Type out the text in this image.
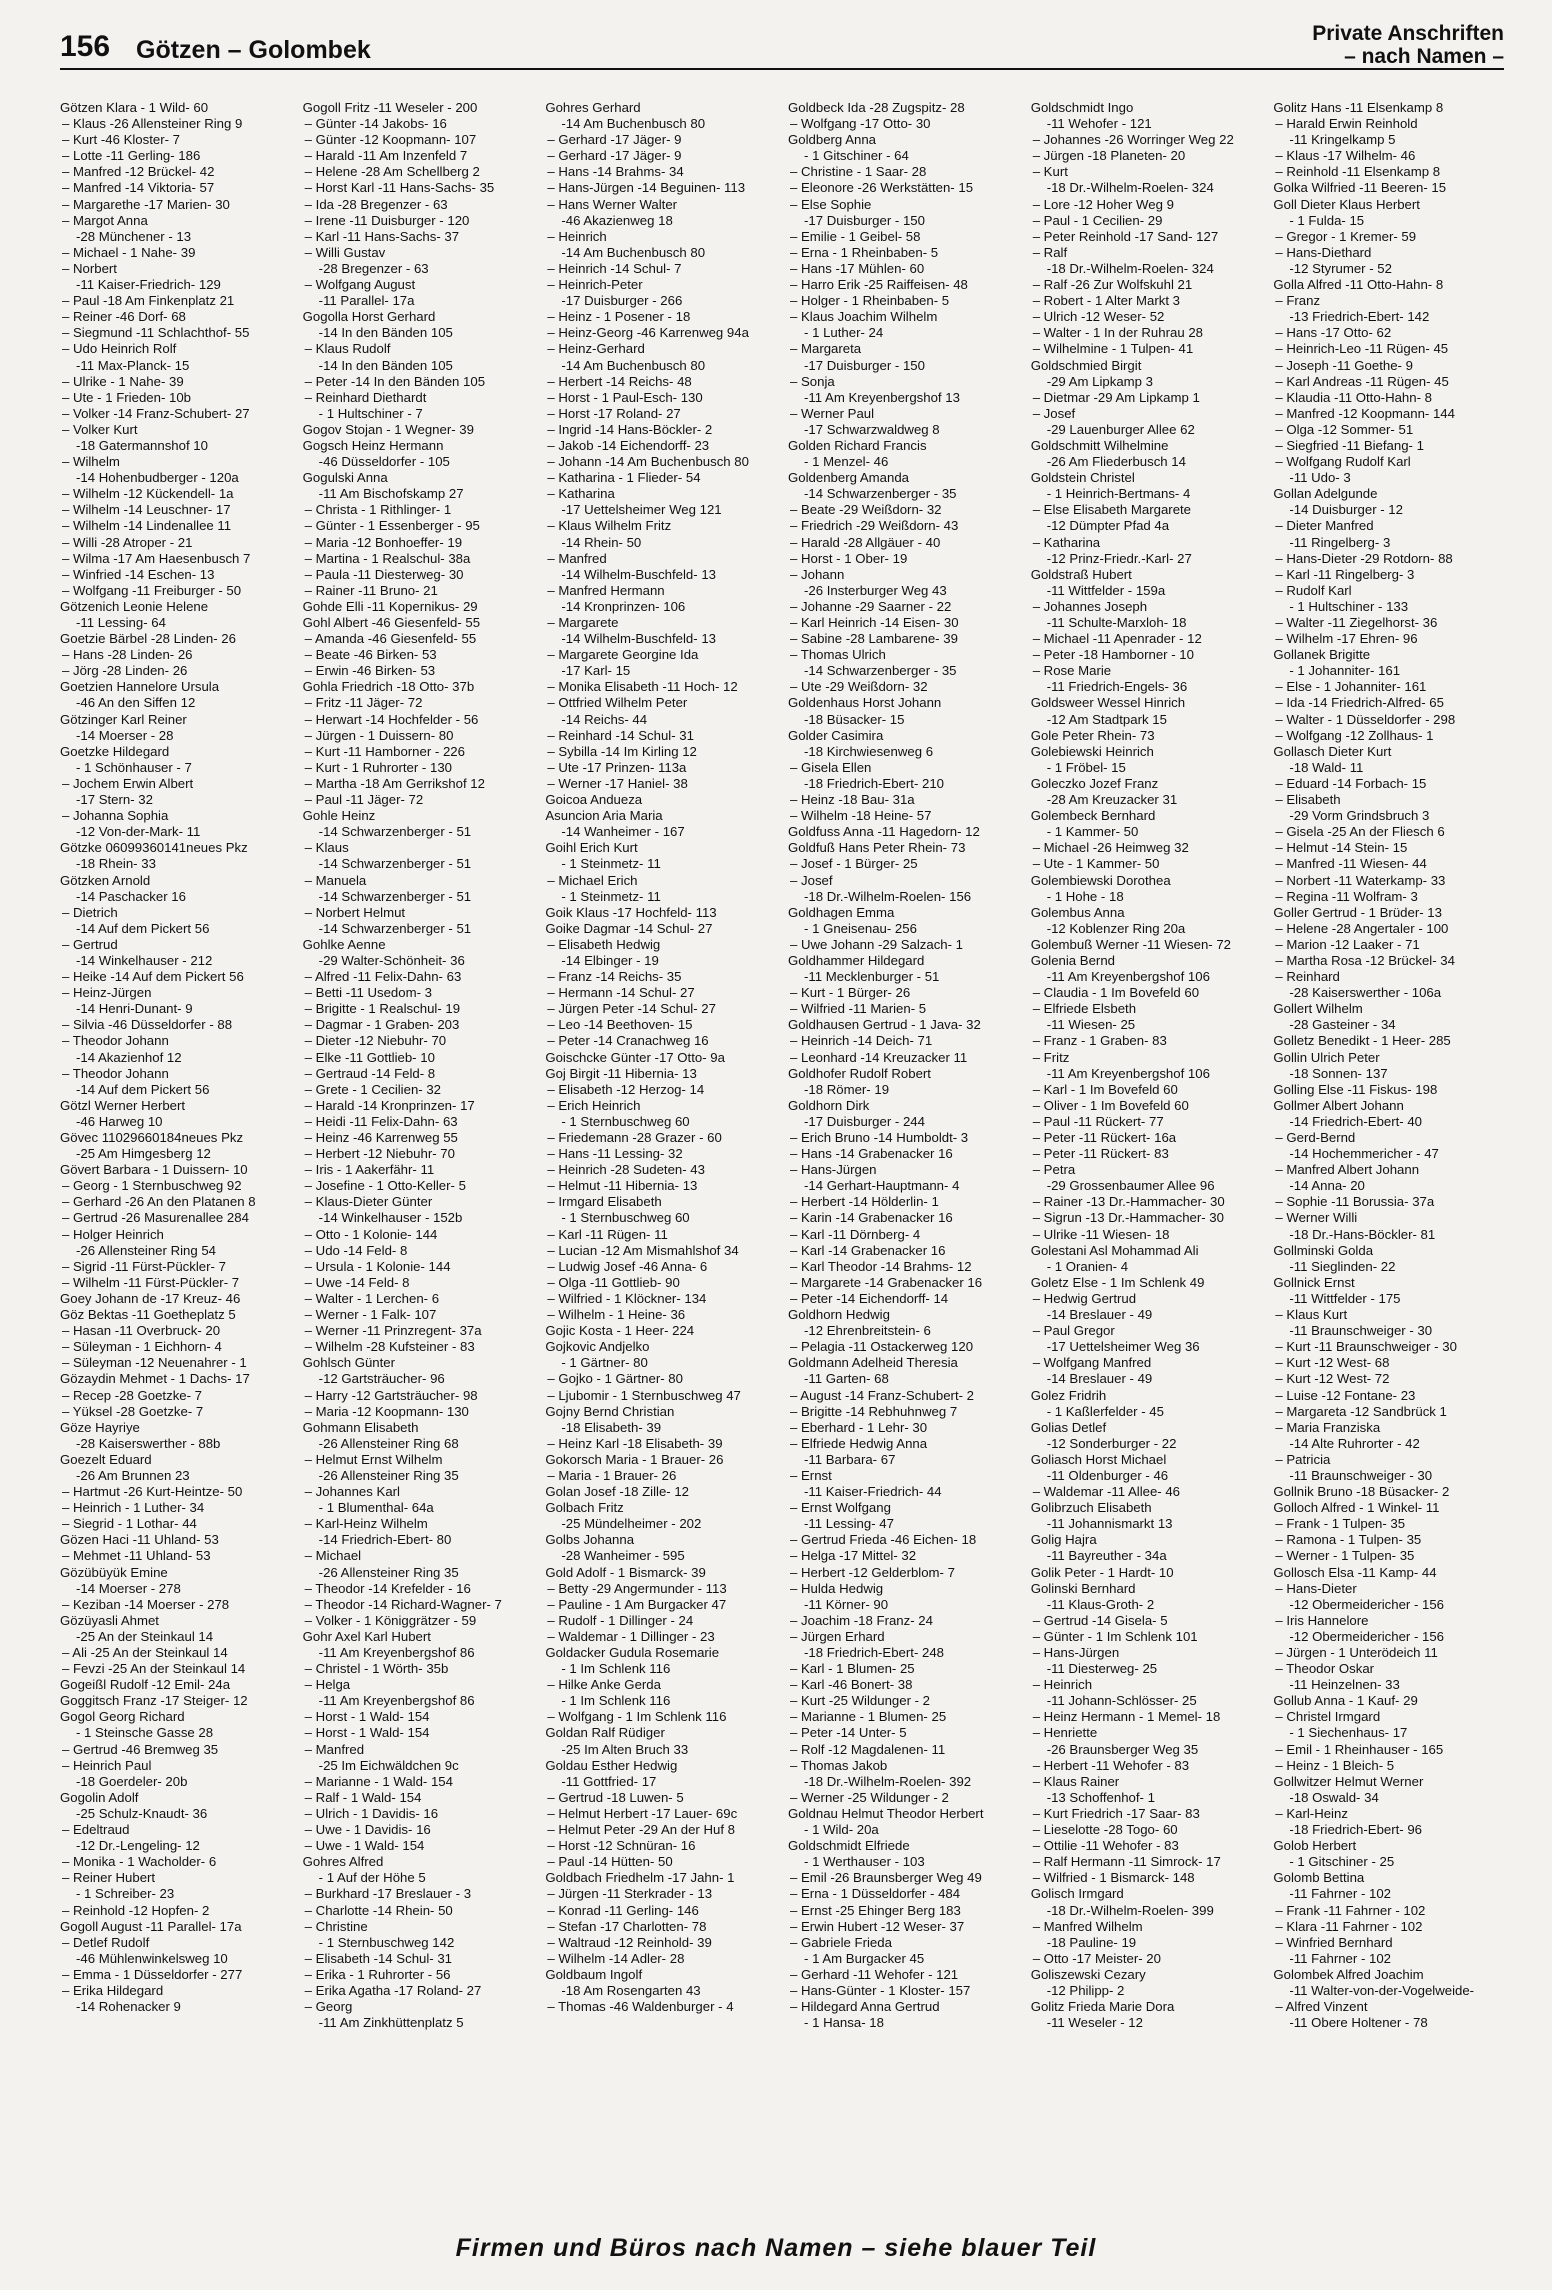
156 Götzen – Golombek
Private Anschriften
– nach Namen –
Götzen Klara - 1 Wild- 60
– Klaus -26 Allensteiner Ring 9
– Kurt -46 Kloster- 7
– Lotte -11 Gerling- 186
– Manfred -12 Brückel- 42
– Manfred -14 Viktoria- 57
– Margarethe -17 Marien- 30
– Margot Anna
-28 Münchener - 13
– Michael - 1 Nahe- 39
– Norbert
-11 Kaiser-Friedrich- 129
– Paul -18 Am Finkenplatz 21
– Reiner -46 Dorf- 68
– Siegmund -11 Schlachthof- 55
– Udo Heinrich Rolf
-11 Max-Planck- 15
– Ulrike - 1 Nahe- 39
– Ute - 1 Frieden- 10b
– Volker -14 Franz-Schubert- 27
– Volker Kurt
-18 Gatermannshof 10
– Wilhelm
-14 Hohenbudberger - 120a
– Wilhelm -12 Kückendell- 1a
– Wilhelm -14 Leuschner- 17
– Wilhelm -14 Lindenallee 11
– Willi -28 Atroper - 21
– Wilma -17 Am Haesenbusch 7
– Winfried -14 Eschen- 13
– Wolfgang -11 Freiburger - 50
Götzenich Leonie Helene
-11 Lessing- 64
Goetzie Bärbel -28 Linden- 26
– Hans -28 Linden- 26
– Jörg -28 Linden- 26
Goetzien Hannelore Ursula
-46 An den Siffen 12
Götzinger Karl Reiner
-14 Moerser - 28
Goetzke Hildegard
- 1 Schönhauser - 7
– Jochem Erwin Albert
-17 Stern- 32
– Johanna Sophia
-12 Von-der-Mark- 11
Götzke 06099360141neues Pkz
-18 Rhein- 33
Götzken Arnold
-14 Paschacker 16
– Dietrich
-14 Auf dem Pickert 56
– Gertrud
-14 Winkelhauser - 212
– Heike -14 Auf dem Pickert 56
– Heinz-Jürgen
-14 Henri-Dunant- 9
– Silvia -46 Düsseldorfer - 88
– Theodor Johann
-14 Akazienhof 12
– Theodor Johann
-14 Auf dem Pickert 56
Götzl Werner Herbert
-46 Harweg 10
Gövec 11029660184neues Pkz
-25 Am Himgesberg 12
Gövert Barbara - 1 Duissern- 10
– Georg - 1 Sternbuschweg 92
– Gerhard -26 An den Platanen 8
– Gertrud -26 Masurenallee 284
– Holger Heinrich
-26 Allensteiner Ring 54
– Sigrid -11 Fürst-Pückler- 7
– Wilhelm -11 Fürst-Pückler- 7
Goey Johann de -17 Kreuz- 46
Göz Bektas -11 Goetheplatz 5
– Hasan -11 Overbruck- 20
– Süleyman - 1 Eichhorn- 4
– Süleyman -12 Neuenahrer - 1
Gözaydin Mehmet - 1 Dachs- 17
– Recep -28 Goetzke- 7
– Yüksel -28 Goetzke- 7
Göze Hayriye
-28 Kaiserswerther - 88b
Goezelt Eduard
-26 Am Brunnen 23
– Hartmut -26 Kurt-Heintze- 50
– Heinrich - 1 Luther- 34
– Siegrid - 1 Lothar- 44
Gözen Haci -11 Uhland- 53
– Mehmet -11 Uhland- 53
Gözübüyük Emine
-14 Moerser - 278
– Keziban -14 Moerser - 278
Gözüyasli Ahmet
-25 An der Steinkaul 14
– Ali -25 An der Steinkaul 14
– Fevzi -25 An der Steinkaul 14
Gogeißl Rudolf -12 Emil- 24a
Goggitsch Franz -17 Steiger- 12
Gogol Georg Richard
- 1 Steinsche Gasse 28
– Gertrud -46 Bremweg 35
– Heinrich Paul
-18 Goerdeler- 20b
Gogolin Adolf
-25 Schulz-Knaudt- 36
– Edeltraud
-12 Dr.-Lengeling- 12
– Monika - 1 Wacholder- 6
– Reiner Hubert
- 1 Schreiber- 23
– Reinhold -12 Hopfen- 2
Gogoll August -11 Parallel- 17a
– Detlef Rudolf
-46 Mühlenwinkelsweg 10
– Emma - 1 Düsseldorfer - 277
– Erika Hildegard
-14 Rohenacker 9
Gogoll Fritz -11 Weseler - 200
– Günter -14 Jakobs- 16
– Günter -12 Koopmann- 107
– Harald -11 Am Inzenfeld 7
– Helene -28 Am Schellberg 2
– Horst Karl -11 Hans-Sachs- 35
– Ida -28 Bregenzer - 63
– Irene -11 Duisburger - 120
– Karl -11 Hans-Sachs- 37
– Willi Gustav
-28 Bregenzer - 63
– Wolfgang August
-11 Parallel- 17a
Gogolla Horst Gerhard
-14 In den Bänden 105
– Klaus Rudolf
-14 In den Bänden 105
– Peter -14 In den Bänden 105
– Reinhard Diethardt
- 1 Hultschiner - 7
Gogov Stojan - 1 Wegner- 39
Gogsch Heinz Hermann
-46 Düsseldorfer - 105
Gogulski Anna
-11 Am Bischofskamp 27
– Christa - 1 Rithlinger- 1
– Günter - 1 Essenberger - 95
– Maria -12 Bonhoeffer- 19
– Martina - 1 Realschul- 38a
– Paula -11 Diesterweg- 30
– Rainer -11 Bruno- 21
Gohde Elli -11 Kopernikus- 29
Gohl Albert -46 Giesenfeld- 55
– Amanda -46 Giesenfeld- 55
– Beate -46 Birken- 53
– Erwin -46 Birken- 53
Gohla Friedrich -18 Otto- 37b
– Fritz -11 Jäger- 72
– Herwart -14 Hochfelder - 56
– Jürgen - 1 Duissern- 80
– Kurt -11 Hamborner - 226
– Kurt - 1 Ruhrorter - 130
– Martha -18 Am Gerrikshof 12
– Paul -11 Jäger- 72
Gohle Heinz
-14 Schwarzenberger - 51
– Klaus
-14 Schwarzenberger - 51
– Manuela
-14 Schwarzenberger - 51
– Norbert Helmut
-14 Schwarzenberger - 51
Gohlke Aenne
-29 Walter-Schönheit- 36
– Alfred -11 Felix-Dahn- 63
– Betti -11 Usedom- 3
– Brigitte - 1 Realschul- 19
– Dagmar - 1 Graben- 203
– Dieter -12 Niebuhr- 70
– Elke -11 Gottlieb- 10
– Gertraud -14 Feld- 8
– Grete - 1 Cecilien- 32
– Harald -14 Kronprinzen- 17
– Heidi -11 Felix-Dahn- 63
– Heinz -46 Karrenweg 55
– Herbert -12 Niebuhr- 70
– Iris - 1 Aakerfähr- 11
– Josefine - 1 Otto-Keller- 5
– Klaus-Dieter Günter
-14 Winkelhauser - 152b
– Otto - 1 Kolonie- 144
– Udo -14 Feld- 8
– Ursula - 1 Kolonie- 144
– Uwe -14 Feld- 8
– Walter - 1 Lerchen- 6
– Werner - 1 Falk- 107
– Werner -11 Prinzregent- 37a
– Wilhelm -28 Kufsteiner - 83
Gohlsch Günter
-12 Gartsträucher- 96
– Harry -12 Gartsträucher- 98
– Maria -12 Koopmann- 130
Gohmann Elisabeth
-26 Allensteiner Ring 68
– Helmut Ernst Wilhelm
-26 Allensteiner Ring 35
– Johannes Karl
- 1 Blumenthal- 64a
– Karl-Heinz Wilhelm
-14 Friedrich-Ebert- 80
– Michael
-26 Allensteiner Ring 35
– Theodor -14 Krefelder - 16
– Theodor -14 Richard-Wagner- 7
– Volker - 1 Königgrätzer - 59
Gohr Axel Karl Hubert
-11 Am Kreyenbergshof 86
– Christel - 1 Wörth- 35b
– Helga
-11 Am Kreyenbergshof 86
– Horst - 1 Wald- 154
– Horst - 1 Wald- 154
– Manfred
-25 Im Eichwäldchen 9c
– Marianne - 1 Wald- 154
– Ralf - 1 Wald- 154
– Ulrich - 1 Davidis- 16
– Uwe - 1 Davidis- 16
– Uwe - 1 Wald- 154
Gohres Alfred
- 1 Auf der Höhe 5
– Burkhard -17 Breslauer - 3
– Charlotte -14 Rhein- 50
– Christine
- 1 Sternbuschweg 142
– Elisabeth -14 Schul- 31
– Erika - 1 Ruhrorter - 56
– Erika Agatha -17 Roland- 27
– Georg
-11 Am Zinkhüttenplatz 5
Gohres Gerhard
-14 Am Buchenbusch 80
– Gerhard -17 Jäger- 9
– Gerhard -17 Jäger- 9
– Hans -14 Brahms- 34
– Hans-Jürgen -14 Beguinen- 113
– Hans Werner Walter
-46 Akazienweg 18
– Heinrich
-14 Am Buchenbusch 80
– Heinrich -14 Schul- 7
– Heinrich-Peter
-17 Duisburger - 266
– Heinz - 1 Posener - 18
– Heinz-Georg -46 Karrenweg 94a
– Heinz-Gerhard
-14 Am Buchenbusch 80
– Herbert -14 Reichs- 48
– Horst - 1 Paul-Esch- 130
– Horst -17 Roland- 27
– Ingrid -14 Hans-Böckler- 2
– Jakob -14 Eichendorff- 23
– Johann -14 Am Buchenbusch 80
– Katharina - 1 Flieder- 54
– Katharina
-17 Uettelsheimer Weg 121
– Klaus Wilhelm Fritz
-14 Rhein- 50
– Manfred
-14 Wilhelm-Buschfeld- 13
– Manfred Hermann
-14 Kronprinzen- 106
– Margarete
-14 Wilhelm-Buschfeld- 13
– Margarete Georgine Ida
-17 Karl- 15
– Monika Elisabeth -11 Hoch- 12
– Ottfried Wilhelm Peter
-14 Reichs- 44
– Reinhard -14 Schul- 31
– Sybilla -14 Im Kirling 12
– Ute -17 Prinzen- 113a
– Werner -17 Haniel- 38
Goicoa Andueza
Asuncion Aria Maria
-14 Wanheimer - 167
Goihl Erich Kurt
- 1 Steinmetz- 11
– Michael Erich
- 1 Steinmetz- 11
Goik Klaus -17 Hochfeld- 113
Goike Dagmar -14 Schul- 27
– Elisabeth Hedwig
-14 Elbinger - 19
– Franz -14 Reichs- 35
– Hermann -14 Schul- 27
– Jürgen Peter -14 Schul- 27
– Leo -14 Beethoven- 15
– Peter -14 Cranachweg 16
Goischcke Günter -17 Otto- 9a
Goj Birgit -11 Hibernia- 13
– Elisabeth -12 Herzog- 14
– Erich Heinrich
- 1 Sternbuschweg 60
– Friedemann -28 Grazer - 60
– Hans -11 Lessing- 32
– Heinrich -28 Sudeten- 43
– Helmut -11 Hibernia- 13
– Irmgard Elisabeth
- 1 Sternbuschweg 60
– Karl -11 Rügen- 11
– Lucian -12 Am Mismahlshof 34
– Ludwig Josef -46 Anna- 6
– Olga -11 Gottlieb- 90
– Wilfried - 1 Klöckner- 134
– Wilhelm - 1 Heine- 36
Gojic Kosta - 1 Heer- 224
Gojkovic Andjelko
- 1 Gärtner- 80
– Gojko - 1 Gärtner- 80
– Ljubomir - 1 Sternbuschweg 47
Gojny Bernd Christian
-18 Elisabeth- 39
– Heinz Karl -18 Elisabeth- 39
Gokorsch Maria - 1 Brauer- 26
– Maria - 1 Brauer- 26
Golan Josef -18 Zille- 12
Golbach Fritz
-25 Mündelheimer - 202
Golbs Johanna
-28 Wanheimer - 595
Gold Adolf - 1 Bismarck- 39
– Betty -29 Angermunder - 113
– Pauline - 1 Am Burgacker 47
– Rudolf - 1 Dillinger - 24
– Waldemar - 1 Dillinger - 23
Goldacker Gudula Rosemarie
- 1 Im Schlenk 116
– Hilke Anke Gerda
- 1 Im Schlenk 116
– Wolfgang - 1 Im Schlenk 116
Goldan Ralf Rüdiger
-25 Im Alten Bruch 33
Goldau Esther Hedwig
-11 Gottfried- 17
– Gertrud -18 Luwen- 5
– Helmut Herbert -17 Lauer- 69c
– Helmut Peter -29 An der Huf 8
– Horst -12 Schnüran- 16
– Paul -14 Hütten- 50
Goldbach Friedhelm -17 Jahn- 1
– Jürgen -11 Sterkrader - 13
– Konrad -11 Gerling- 146
– Stefan -17 Charlotten- 78
– Waltraud -12 Reinhold- 39
– Wilhelm -14 Adler- 28
Goldbaum Ingolf
-18 Am Rosengarten 43
– Thomas -46 Waldenburger - 4
Goldbeck Ida -28 Zugspitz- 28
– Wolfgang -17 Otto- 30
Goldberg Anna
- 1 Gitschiner - 64
– Christine - 1 Saar- 28
– Eleonore -26 Werkstätten- 15
– Else Sophie
-17 Duisburger - 150
– Emilie - 1 Geibel- 58
– Erna - 1 Rheinbaben- 5
– Hans -17 Mühlen- 60
– Harro Erik -25 Raiffeisen- 48
– Holger - 1 Rheinbaben- 5
– Klaus Joachim Wilhelm
- 1 Luther- 24
– Margareta
-17 Duisburger - 150
– Sonja
-11 Am Kreyenbergshof 13
– Werner Paul
-17 Schwarzwaldweg 8
Golden Richard Francis
- 1 Menzel- 46
Goldenberg Amanda
-14 Schwarzenberger - 35
– Beate -29 Weißdorn- 32
– Friedrich -29 Weißdorn- 43
– Harald -28 Allgäuer - 40
– Horst - 1 Ober- 19
– Johann
-26 Insterburger Weg 43
– Johanne -29 Saarner - 22
– Karl Heinrich -14 Eisen- 30
– Sabine -28 Lambarene- 39
– Thomas Ulrich
-14 Schwarzenberger - 35
– Ute -29 Weißdorn- 32
Goldenhaus Horst Johann
-18 Büsacker- 15
Golder Casimira
-18 Kirchwiesenweg 6
– Gisela Ellen
-18 Friedrich-Ebert- 210
– Heinz -18 Bau- 31a
– Wilhelm -18 Heine- 57
Goldfuss Anna -11 Hagedorn- 12
Goldfuß Hans Peter Rhein- 73
– Josef - 1 Bürger- 25
– Josef
-18 Dr.-Wilhelm-Roelen- 156
Goldhagen Emma
- 1 Gneisenau- 256
– Uwe Johann -29 Salzach- 1
Goldhammer Hildegard
-11 Mecklenburger - 51
– Kurt - 1 Bürger- 26
– Wilfried -11 Marien- 5
Goldhausen Gertrud - 1 Java- 32
– Heinrich -14 Deich- 71
– Leonhard -14 Kreuzacker 11
Goldhofer Rudolf Robert
-18 Römer- 19
Goldhorn Dirk
-17 Duisburger - 244
– Erich Bruno -14 Humboldt- 3
– Hans -14 Grabenacker 16
– Hans-Jürgen
-14 Gerhart-Hauptmann- 4
– Herbert -14 Hölderlin- 1
– Karin -14 Grabenacker 16
– Karl -11 Dörnberg- 4
– Karl -14 Grabenacker 16
– Karl Theodor -14 Brahms- 12
– Margarete -14 Grabenacker 16
– Peter -14 Eichendorff- 14
Goldhorn Hedwig
-12 Ehrenbreitstein- 6
– Pelagia -11 Ostackerweg 120
Goldmann Adelheid Theresia
-11 Garten- 68
– August -14 Franz-Schubert- 2
– Brigitte -14 Rebhuhnweg 7
– Eberhard - 1 Lehr- 30
– Elfriede Hedwig Anna
-11 Barbara- 67
– Ernst
-11 Kaiser-Friedrich- 44
– Ernst Wolfgang
-11 Lessing- 47
– Gertrud Frieda -46 Eichen- 18
– Helga -17 Mittel- 32
– Herbert -12 Gelderblom- 7
– Hulda Hedwig
-11 Körner- 90
– Joachim -18 Franz- 24
– Jürgen Erhard
-18 Friedrich-Ebert- 248
– Karl - 1 Blumen- 25
– Karl -46 Bonert- 38
– Kurt -25 Wildunger - 2
– Marianne - 1 Blumen- 25
– Peter -14 Unter- 5
– Rolf -12 Magdalenen- 11
– Thomas Jakob
-18 Dr.-Wilhelm-Roelen- 392
– Werner -25 Wildunger - 2
Goldnau Helmut Theodor Herbert
- 1 Wild- 20a
Goldschmidt Elfriede
- 1 Werthauser - 103
– Emil -26 Braunsberger Weg 49
– Erna - 1 Düsseldorfer - 484
– Ernst -25 Ehinger Berg 183
– Erwin Hubert -12 Weser- 37
– Gabriele Frieda
- 1 Am Burgacker 45
– Gerhard -11 Wehofer - 121
– Hans-Günter - 1 Kloster- 157
– Hildegard Anna Gertrud
- 1 Hansa- 18
Goldschmidt Ingo
-11 Wehofer - 121
– Johannes -26 Worringer Weg 22
– Jürgen -18 Planeten- 20
– Kurt
-18 Dr.-Wilhelm-Roelen- 324
– Lore -12 Hoher Weg 9
– Paul - 1 Cecilien- 29
– Peter Reinhold -17 Sand- 127
– Ralf
-18 Dr.-Wilhelm-Roelen- 324
– Ralf -26 Zur Wolfskuhl 21
– Robert - 1 Alter Markt 3
– Ulrich -12 Weser- 52
– Walter - 1 In der Ruhrau 28
– Wilhelmine - 1 Tulpen- 41
Goldschmied Birgit
-29 Am Lipkamp 3
– Dietmar -29 Am Lipkamp 1
– Josef
-29 Lauenburger Allee 62
Goldschmitt Wilhelmine
-26 Am Fliederbusch 14
Goldstein Christel
- 1 Heinrich-Bertmans- 4
– Else Elisabeth Margarete
-12 Dümpter Pfad 4a
– Katharina
-12 Prinz-Friedr.-Karl- 27
Goldstraß Hubert
-11 Wittfelder - 159a
– Johannes Joseph
-11 Schulte-Marxloh- 18
– Michael -11 Apenrader - 12
– Peter -18 Hamborner - 10
– Rose Marie
-11 Friedrich-Engels- 36
Goldsweer Wessel Hinrich
-12 Am Stadtpark 15
Gole Peter Rhein- 73
Golebiewski Heinrich
- 1 Fröbel- 15
Goleczko Jozef Franz
-28 Am Kreuzacker 31
Golembeck Bernhard
- 1 Kammer- 50
– Michael -26 Heimweg 32
– Ute - 1 Kammer- 50
Golembiewski Dorothea
- 1 Hohe - 18
Golembus Anna
-12 Koblenzer Ring 20a
Golembuß Werner -11 Wiesen- 72
Golenia Bernd
-11 Am Kreyenbergshof 106
– Claudia - 1 Im Bovefeld 60
– Elfriede Elsbeth
-11 Wiesen- 25
– Franz - 1 Graben- 83
– Fritz
-11 Am Kreyenbergshof 106
– Karl - 1 Im Bovefeld 60
– Oliver - 1 Im Bovefeld 60
– Paul -11 Rückert- 77
– Peter -11 Rückert- 16a
– Peter -11 Rückert- 83
– Petra
-29 Grossenbaumer Allee 96
– Rainer -13 Dr.-Hammacher- 30
– Sigrun -13 Dr.-Hammacher- 30
– Ulrike -11 Wiesen- 18
Golestani Asl Mohammad Ali
- 1 Oranien- 4
Goletz Else - 1 Im Schlenk 49
– Hedwig Gertrud
-14 Breslauer - 49
– Paul Gregor
-17 Uettelsheimer Weg 36
– Wolfgang Manfred
-14 Breslauer - 49
Golez Fridrih
- 1 Kaßlerfelder - 45
Golias Detlef
-12 Sonderburger - 22
Goliasch Horst Michael
-11 Oldenburger - 46
– Waldemar -11 Allee- 46
Golibrzuch Elisabeth
-11 Johannismarkt 13
Golig Hajra
-11 Bayreuther - 34a
Golik Peter - 1 Hardt- 10
Golinski Bernhard
-11 Klaus-Groth- 2
– Gertrud -14 Gisela- 5
– Günter - 1 Im Schlenk 101
– Hans-Jürgen
-11 Diesterweg- 25
– Heinrich
-11 Johann-Schlösser- 25
– Heinz Hermann - 1 Memel- 18
– Henriette
-26 Braunsberger Weg 35
– Herbert -11 Wehofer - 83
– Klaus Rainer
-13 Schoffenhof- 1
– Kurt Friedrich -17 Saar- 83
– Lieselotte -28 Togo- 60
– Ottilie -11 Wehofer - 83
– Ralf Hermann -11 Simrock- 17
– Wilfried - 1 Bismarck- 148
Golisch Irmgard
-18 Dr.-Wilhelm-Roelen- 399
– Manfred Wilhelm
-18 Pauline- 19
– Otto -17 Meister- 20
Goliszewski Cezary
-12 Philipp- 2
Golitz Frieda Marie Dora
-11 Weseler - 12
Golitz Hans -11 Elsenkamp 8
– Harald Erwin Reinhold
-11 Kringelkamp 5
– Klaus -17 Wilhelm- 46
– Reinhold -11 Elsenkamp 8
Golka Wilfried -11 Beeren- 15
Goll Dieter Klaus Herbert
- 1 Fulda- 15
– Gregor - 1 Kremer- 59
– Hans-Diethard
-12 Styrumer - 52
Golla Alfred -11 Otto-Hahn- 8
– Franz
-13 Friedrich-Ebert- 142
– Hans -17 Otto- 62
– Heinrich-Leo -11 Rügen- 45
– Joseph -11 Goethe- 9
– Karl Andreas -11 Rügen- 45
– Klaudia -11 Otto-Hahn- 8
– Manfred -12 Koopmann- 144
– Olga -12 Sommer- 51
– Siegfried -11 Biefang- 1
– Wolfgang Rudolf Karl
-11 Udo- 3
Gollan Adelgunde
-14 Duisburger - 12
– Dieter Manfred
-11 Ringelberg- 3
– Hans-Dieter -29 Rotdorn- 88
– Karl -11 Ringelberg- 3
– Rudolf Karl
- 1 Hultschiner - 133
– Walter -11 Ziegelhorst- 36
– Wilhelm -17 Ehren- 96
Gollanek Brigitte
- 1 Johanniter- 161
– Else - 1 Johanniter- 161
– Ida -14 Friedrich-Alfred- 65
– Walter - 1 Düsseldorfer - 298
– Wolfgang -12 Zollhaus- 1
Gollasch Dieter Kurt
-18 Wald- 11
– Eduard -14 Forbach- 15
– Elisabeth
-29 Vorm Grindsbruch 3
– Gisela -25 An der Fliesch 6
– Helmut -14 Stein- 15
– Manfred -11 Wiesen- 44
– Norbert -11 Waterkamp- 33
– Regina -11 Wolfram- 3
Goller Gertrud - 1 Brüder- 13
– Helene -28 Angertaler - 100
– Marion -12 Laaker - 71
– Martha Rosa -12 Brückel- 34
– Reinhard
-28 Kaiserswerther - 106a
Gollert Wilhelm
-28 Gasteiner - 34
Golletz Benedikt - 1 Heer- 285
Gollin Ulrich Peter
-18 Sonnen- 137
Golling Else -11 Fiskus- 198
Gollmer Albert Johann
-14 Friedrich-Ebert- 40
– Gerd-Bernd
-14 Hochemmericher - 47
– Manfred Albert Johann
-14 Anna- 20
– Sophie -11 Borussia- 37a
– Werner Willi
-18 Dr.-Hans-Böckler- 81
Gollminski Golda
-11 Sieglinden- 22
Gollnick Ernst
-11 Wittfelder - 175
– Klaus Kurt
-11 Braunschweiger - 30
– Kurt -11 Braunschweiger - 30
– Kurt -12 West- 68
– Kurt -12 West- 72
– Luise -12 Fontane- 23
– Margareta -12 Sandbrück 1
– Maria Franziska
-14 Alte Ruhrorter - 42
– Patricia
-11 Braunschweiger - 30
Gollnik Bruno -18 Büsacker- 2
Golloch Alfred - 1 Winkel- 11
– Frank - 1 Tulpen- 35
– Ramona - 1 Tulpen- 35
– Werner - 1 Tulpen- 35
Gollosch Elsa -11 Kamp- 44
– Hans-Dieter
-12 Obermeidericher - 156
– Iris Hannelore
-12 Obermeidericher - 156
– Jürgen - 1 Unterödeich 11
– Theodor Oskar
-11 Heinzelnen- 33
Gollub Anna - 1 Kauf- 29
– Christel Irmgard
- 1 Siechenhaus- 17
– Emil - 1 Rheinhauser - 165
– Heinz - 1 Bleich- 5
Gollwitzer Helmut Werner
-18 Oswald- 34
– Karl-Heinz
-18 Friedrich-Ebert- 96
Golob Herbert
- 1 Gitschiner - 25
Golomb Bettina
-11 Fahrner - 102
– Frank -11 Fahrner - 102
– Klara -11 Fahrner - 102
– Winfried Bernhard
-11 Fahrner - 102
Golombek Alfred Joachim
-11 Walter-von-der-Vogelweide-
– Alfred Vinzent
-11 Obere Holtener - 78
Firmen und Büros nach Namen – siehe blauer Teil
